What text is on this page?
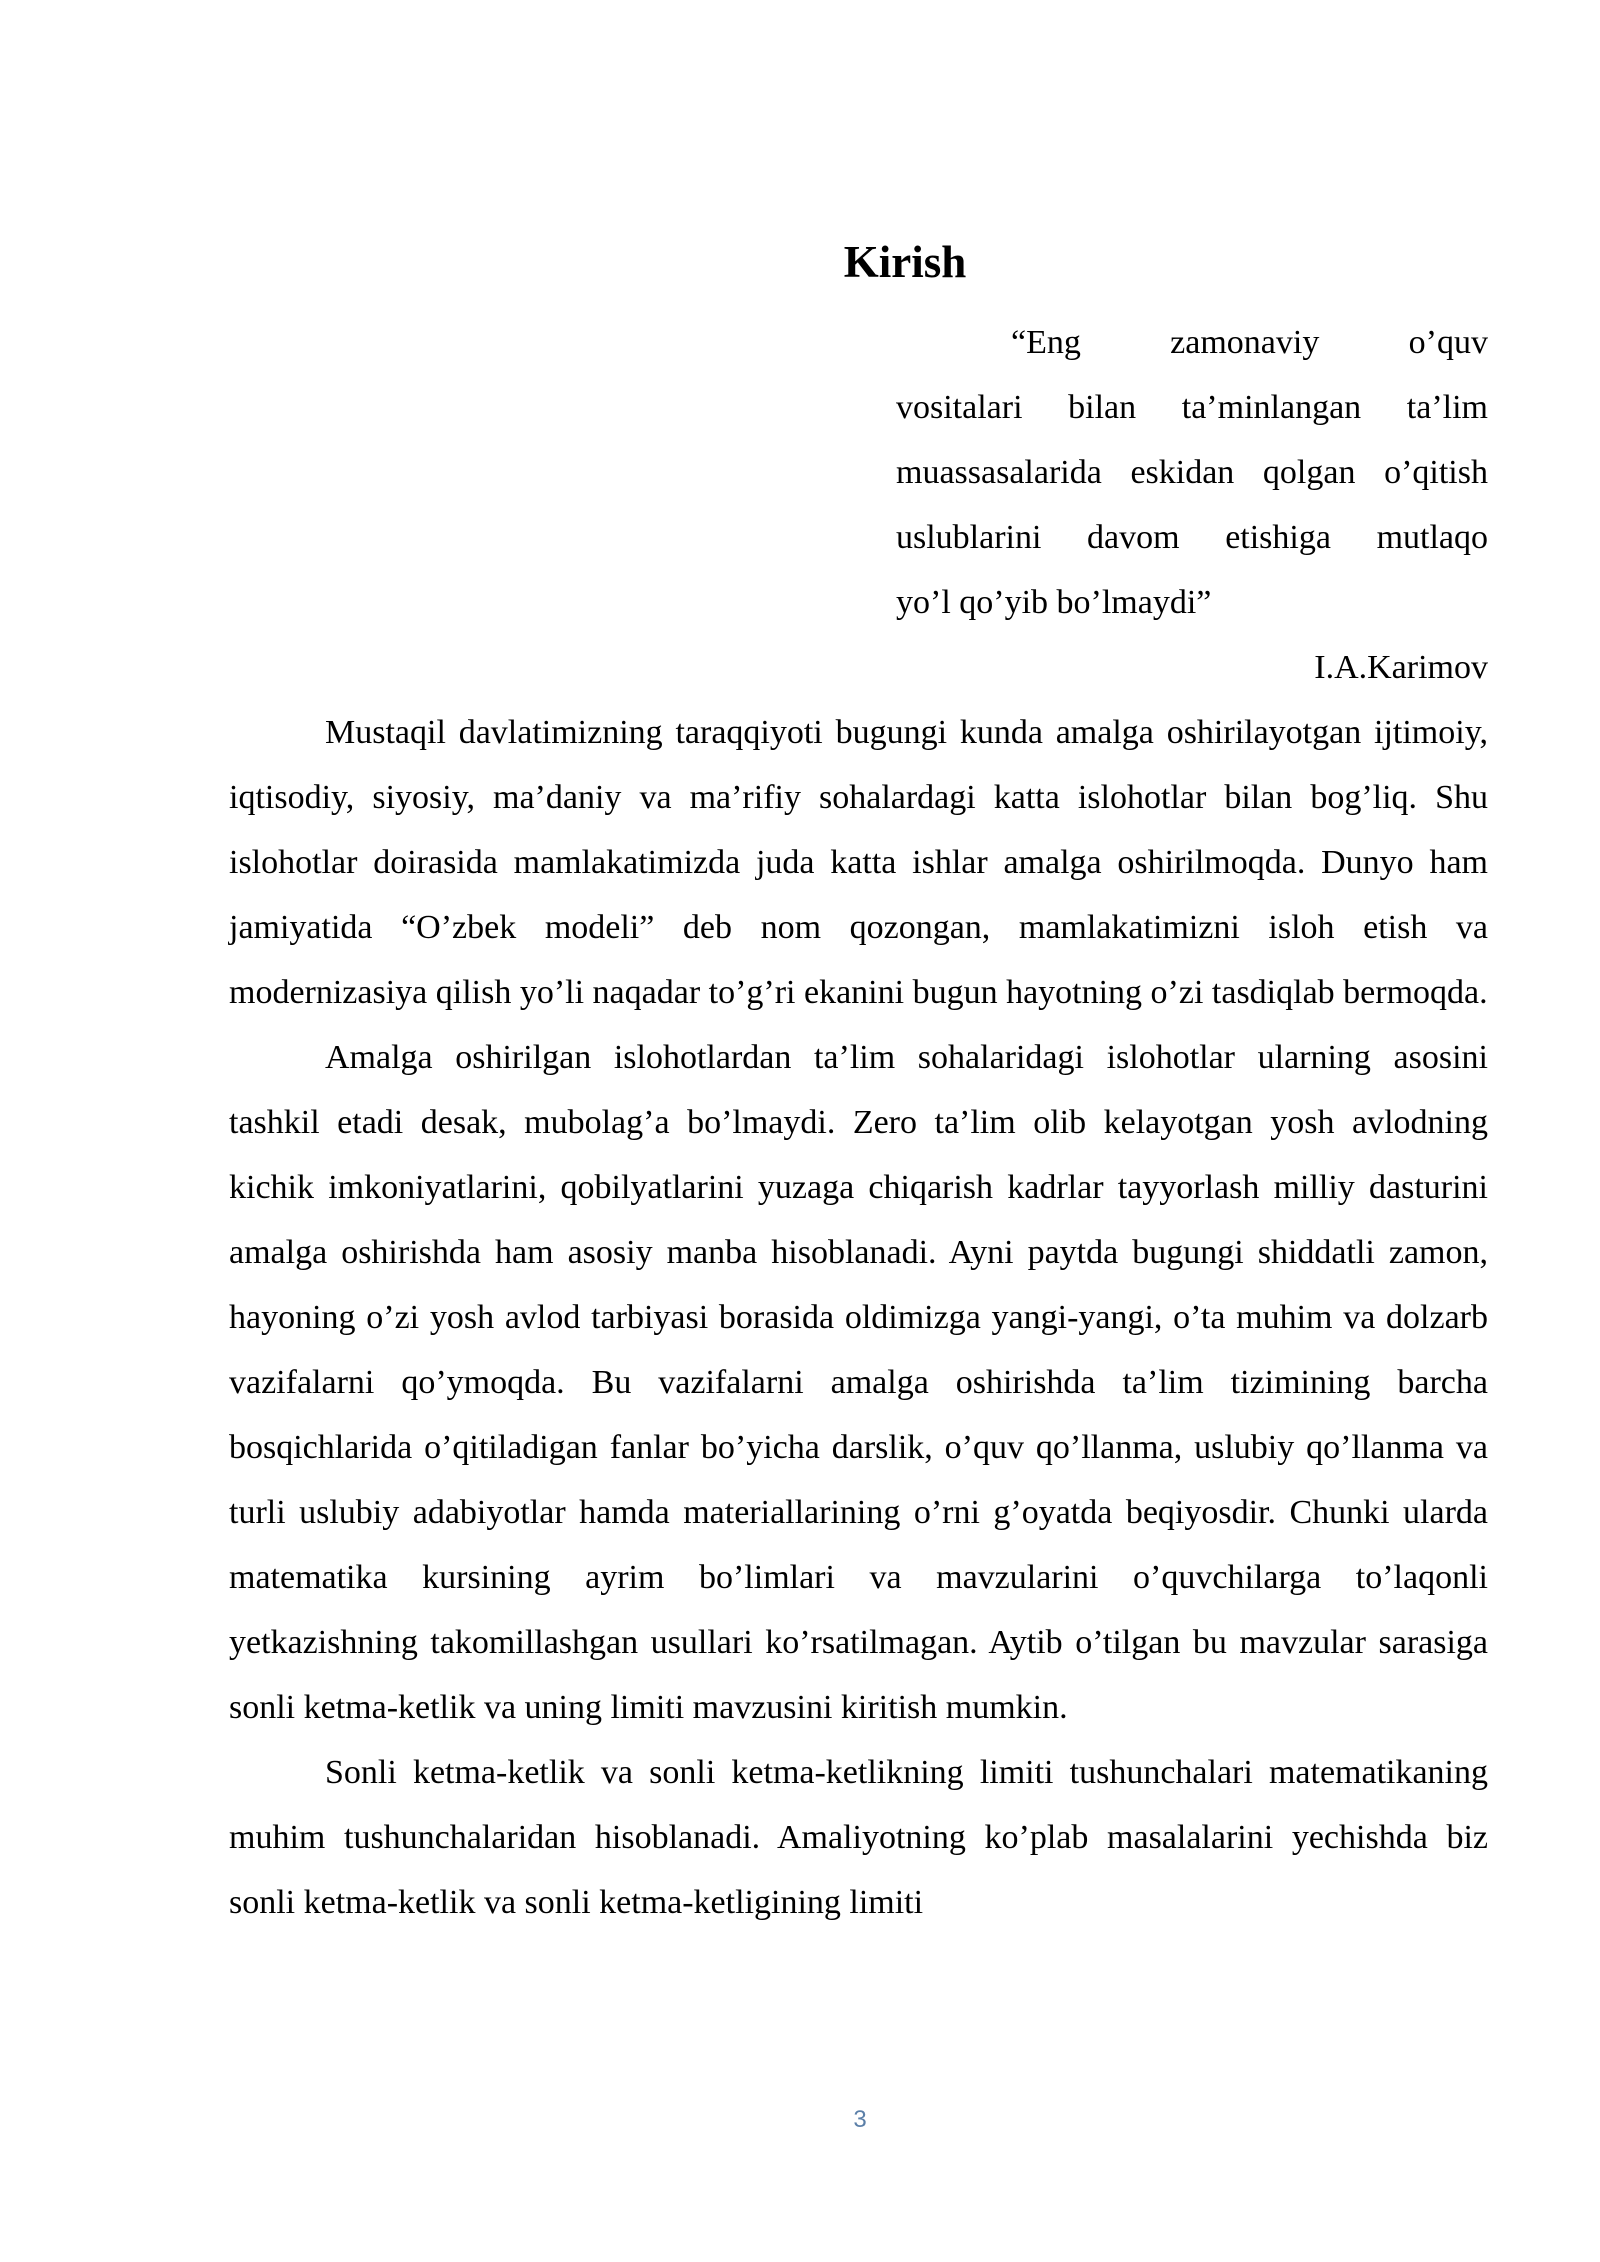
Kirish
“Eng zamonaviy o’quv
vositalari bilan ta’minlangan ta’lim
muassasalarida eskidan qolgan o’qitish
uslublarini davom etishiga mutlaqo
yo’l qo’yib bo’lmaydi”
I.A.Karimov

Mustaqil davlatimizning taraqqiyoti bugungi kunda amalga oshirilayotgan ijtimoiy, iqtisodiy, siyosiy, ma’daniy va ma’rifiy sohalardagi katta islohotlar bilan bog’liq. Shu islohotlar doirasida mamlakatimizda juda katta ishlar amalga oshirilmoqda. Dunyo ham jamiyatida “O’zbek modeli” deb nom qozongan, mamlakatimizni isloh etish va modernizasiya qilish yo’li naqadar to’g’ri ekanini bugun hayotning o’zi tasdiqlab bermoqda.

Amalga oshirilgan islohotlardan ta’lim sohalaridagi islohotlar ularning asosini tashkil etadi desak, mubolag’a bo’lmaydi. Zero ta’lim olib kelayotgan yosh avlodning kichik imkoniyatlarini, qobilyatlarini yuzaga chiqarish kadrlar tayyorlash milliy dasturini amalga oshirishda ham asosiy manba hisoblanadi. Ayni paytda bugungi shiddatli zamon, hayoning o’zi yosh avlod tarbiyasi borasida oldimizga yangi-yangi, o’ta muhim va dolzarb vazifalarni qo’ymoqda. Bu vazifalarni amalga oshirishda ta’lim tizimining barcha bosqichlarida o’qitiladigan fanlar bo’yicha darslik, o’quv qo’llanma, uslubiy qo’llanma va turli uslubiy adabiyotlar hamda materiallarining o’rni g’oyatda beqiyosdir. Chunki ularda matematika kursining ayrim bo’limlari va mavzularini o’quvchilarga to’laqonli yetkazishning takomillashgan usullari ko’rsatilmagan. Aytib o’tilgan bu mavzular sarasiga sonli ketma-ketlik va uning limiti mavzusini kiritish mumkin.

Sonli ketma-ketlik va sonli ketma-ketlikning limiti tushunchalari matematikaning muhim tushunchalaridan hisoblanadi. Amaliyotning ko’plab masalalarini yechishda biz sonli ketma-ketlik va sonli ketma-ketligining limiti

3
